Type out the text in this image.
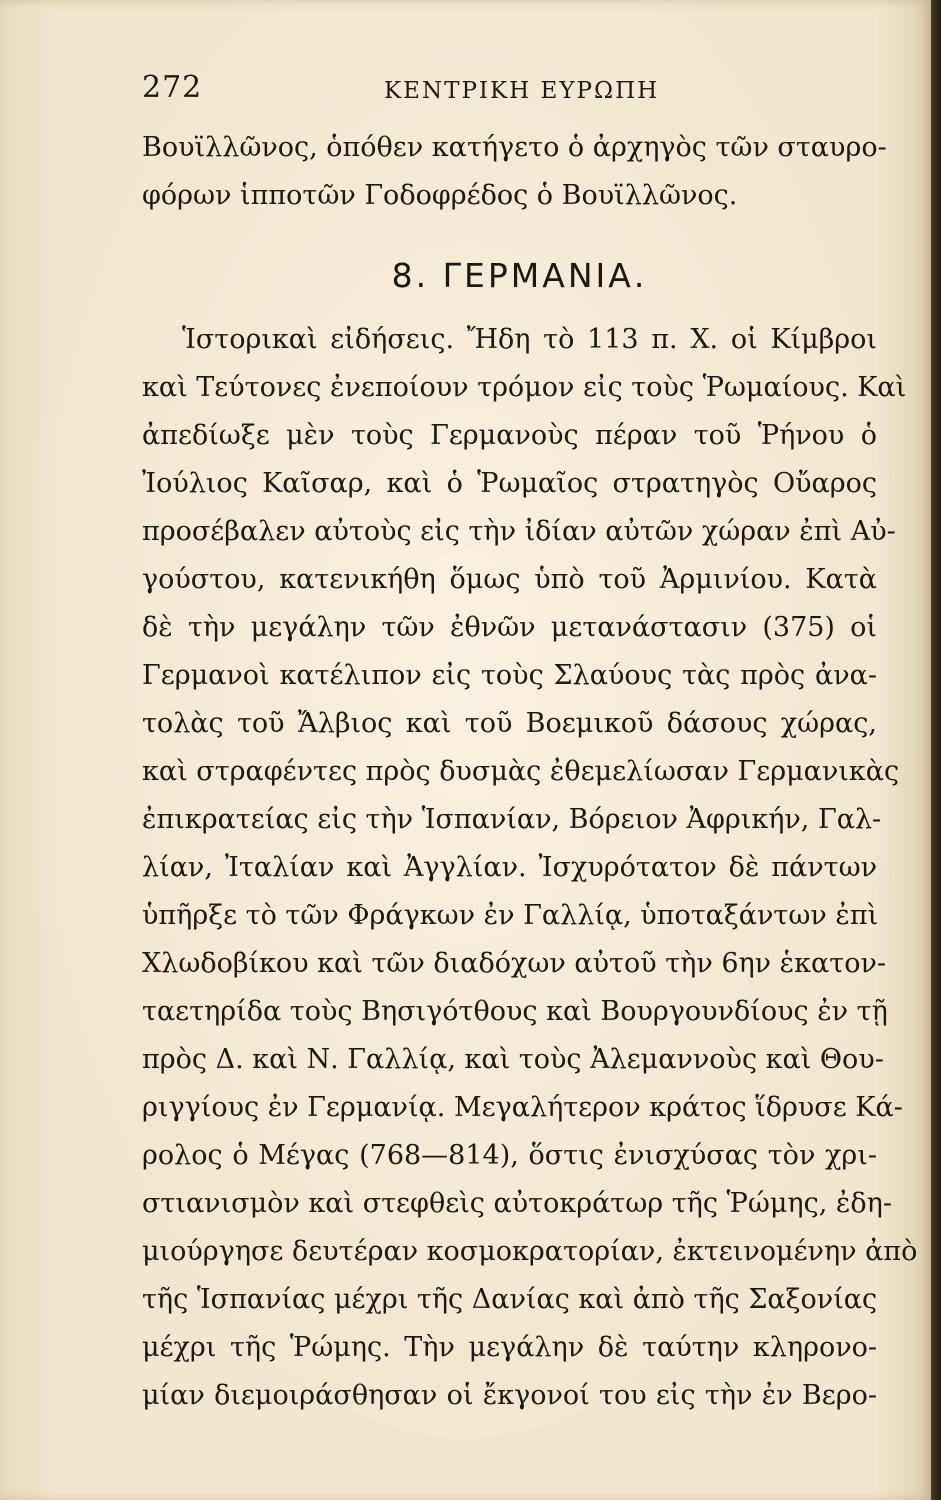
272	ΚΕΝΤΡΙΚΗ ΕΥΡΩΠΗ
Βουϊλλῶνος, ὁπόθεν κατήγετο ὁ ἀρχηγὸς τῶν σταυρο-
φόρων ἱπποτῶν Γοδοφρέδος ὁ Βουϊλλῶνος.
8. ΓΕΡΜΑΝΙΑ.
Ἱστορικαὶ εἰδήσεις. Ἤδη τὸ 113 π. Χ. οἱ Κίμβροι
καὶ Τεύτονες ἐνεποίουν τρόμον εἰς τοὺς Ῥωμαίους. Καὶ
ἀπεδίωξε μὲν τοὺς Γερμανοὺς πέραν τοῦ Ῥήνου ὁ
Ἰούλιος Καῖσαρ, καὶ ὁ Ῥωμαῖος στρατηγὸς Οὔαρος
προσέβαλεν αὐτοὺς εἰς τὴν ἰδίαν αὐτῶν χώραν ἐπὶ Αὐ-
γούστου, κατενικήθη ὅμως ὑπὸ τοῦ Ἀρμινίου. Κατὰ
δὲ τὴν μεγάλην τῶν ἐθνῶν μετανάστασιν (375) οἱ
Γερμανοὶ κατέλιπον εἰς τοὺς Σλαύους τὰς πρὸς ἀνα-
τολὰς τοῦ Ἄλβιος καὶ τοῦ Βοεμικοῦ δάσους χώρας,
καὶ στραφέντες πρὸς δυσμὰς ἐθεμελίωσαν Γερμανικὰς
ἐπικρατείας εἰς τὴν Ἱσπανίαν, Βόρειον Ἀφρικήν, Γαλ-
λίαν, Ἰταλίαν καὶ Ἀγγλίαν. Ἰσχυρότατον δὲ πάντων
ὑπῆρξε τὸ τῶν Φράγκων ἐν Γαλλίᾳ, ὑποταξάντων ἐπὶ
Χλωδοβίκου καὶ τῶν διαδόχων αὐτοῦ τὴν 6ην ἑκατον-
ταετηρίδα τοὺς Βησιγότθους καὶ Βουργουνδίους ἐν τῇ
πρὸς Δ. καὶ Ν. Γαλλίᾳ, καὶ τοὺς Ἀλεμαννοὺς καὶ Θου-
ριγγίους ἐν Γερμανίᾳ. Μεγαλήτερον κράτος ἵδρυσε Κά-
ρολος ὁ Μέγας (768—814), ὅστις ἐνισχύσας τὸν χρι-
στιανισμὸν καὶ στεφθεὶς αὐτοκράτωρ τῆς Ῥώμης, ἐδη-
μιούργησε δευτέραν κοσμοκρατορίαν, ἐκτεινομένην ἀπὸ
τῆς Ἱσπανίας μέχρι τῆς Δανίας καὶ ἀπὸ τῆς Σαξονίας
μέχρι τῆς Ῥώμης. Τὴν μεγάλην δὲ ταύτην κληρονο-
μίαν διεμοιράσθησαν οἱ ἔκγονοί του εἰς τὴν ἐν Βερο-
